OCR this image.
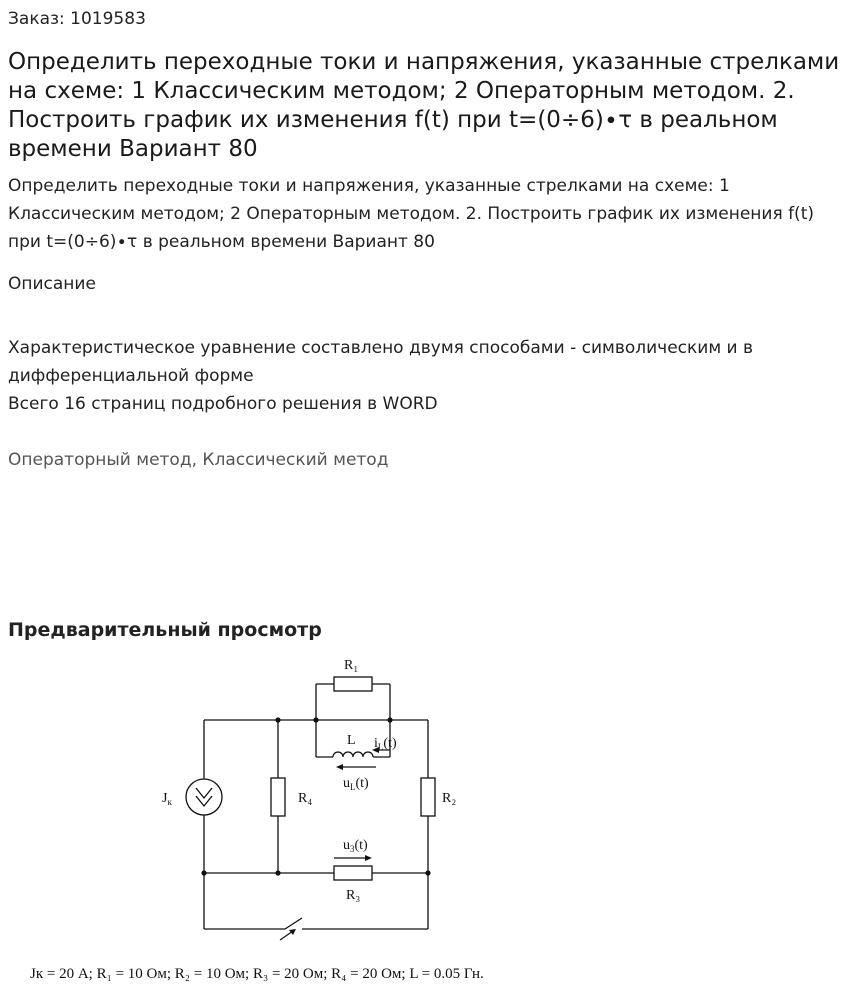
Заказ: 1019583
Определить переходные токи и напряжения, указанные стрелками на схеме: 1 Классическим методом; 2 Операторным методом. 2. Построить график их изменения f(t) при t=(0÷6)∙τ в реальном времени Вариант 80

Определить переходные токи и напряжения, указанные стрелками на схеме: 1 Классическим методом; 2 Операторным методом. 2. Построить график их изменения f(t) при t=(0÷6)∙τ в реальном времени Вариант 80

Описание

Характеристическое уравнение составлено двумя способами - символическим и в дифференциальной форме

Всего 16 страниц подробного решения в WORD

Операторный метод, Классический метод
Предварительный просмотр
R₁
L $i_L(t)$
$u_L(t)$
$J_к$	R₄	R₂
$u_3(t)$
R₃
Jк = 20 А; R₁ = 10 Ом; R₂ = 10 Ом; R₃ = 20 Ом; R₄ = 20 Ом; L = 0.05 Гн.
